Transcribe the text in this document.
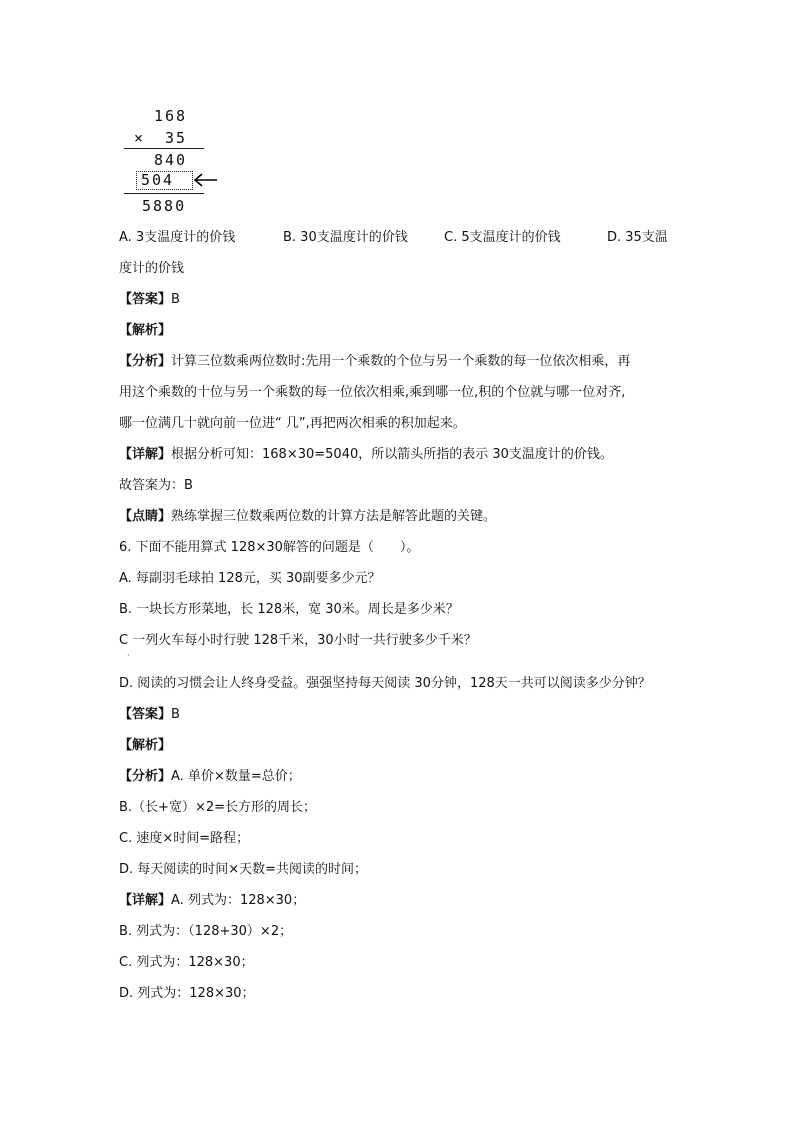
168
× 35
840
504
5880
A. 3支温度计的价钱	B. 30支温度计的价钱	C. 5支温度计的价钱	D. 35支温
度计的价钱
【答案】B
【解析】
【分析】计算三位数乘两位数时:先用一个乘数的个位与另一个乘数的每一位依次相乘，再
用这个乘数的十位与另一个乘数的每一位依次相乘,乘到哪一位,积的个位就与哪一位对齐,
哪一位满几十就向前一位进“ 几”,再把两次相乘的积加起来。
【详解】根据分析可知：168×30=5040，所以箭头所指的表示 30支温度计的价钱。
故答案为：B
【点睛】熟练掌握三位数乘两位数的计算方法是解答此题的关键。
6. 下面不能用算式 128×30解答的问题是（　　）。
A. 每副羽毛球拍 128元，买 30副要多少元？
B. 一块长方形菜地，长 128米，宽 30米。周长是多少米？
C 一列火车每小时行驶 128千米，30小时一共行驶多少千米？
·
D. 阅读的习惯会让人终身受益。强强坚持每天阅读 30分钟，128天一共可以阅读多少分钟？
【答案】B
【解析】
【分析】A. 单价×数量=总价；
B.（长+宽）×2=长方形的周长；
C. 速度×时间=路程；
D. 每天阅读的时间×天数=共阅读的时间；
【详解】A. 列式为：128×30；
B. 列式为：（128+30）×2；
C. 列式为：128×30；
D. 列式为：128×30；
